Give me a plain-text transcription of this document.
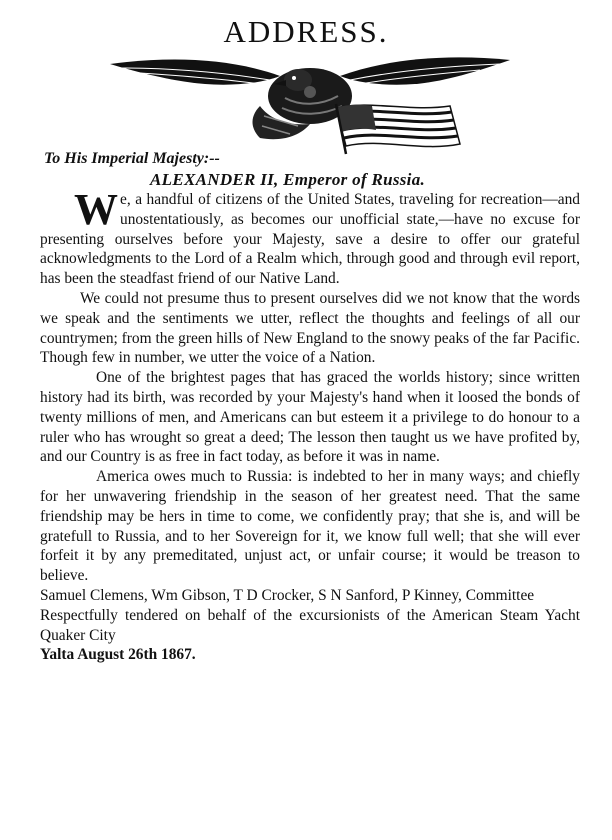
ADDRESS.
To His Imperial Majesty:--
ALEXANDER II, Emperor of Russia.

We, a handful of citizens of the United States, traveling for recreation—and unostentatiously, as becomes our unofficial state,—have no excuse for presenting ourselves before your Majesty, save a desire to offer our grateful acknowledgments to the Lord of a Realm which, through good and through evil report, has been the steadfast friend of our Native Land.

We could not presume thus to present ourselves did we not know that the words we speak and the sentiments we utter, reflect the thoughts and feelings of all our countrymen; from the green hills of New England to the snowy peaks of the far Pacific. Though few in number, we utter the voice of a Nation.

One of the brightest pages that has graced the worlds history; since written history had its birth, was recorded by your Majesty's hand when it loosed the bonds of twenty millions of men, and Americans can but esteem it a privilege to do honour to a ruler who has wrought so great a deed; The lesson then taught us we have profited by, and our Country is as free in fact today, as before it was in name.

America owes much to Russia: is indebted to her in many ways; and chiefly for her unwavering friendship in the season of her greatest need. That the same friendship may be hers in time to come, we confidently pray; that she is, and will be gratefull to Russia, and to her Sovereign for it, we know full well; that she will ever forfeit it by any premeditated, unjust act, or unfair course; it would be treason to believe.

Samuel Clemens, Wm Gibson, T D Crocker, S N Sanford, P Kinney, Committee

Respectfully tendered on behalf of the excursionists of the American Steam Yacht Quaker City

Yalta August 26th 1867.
